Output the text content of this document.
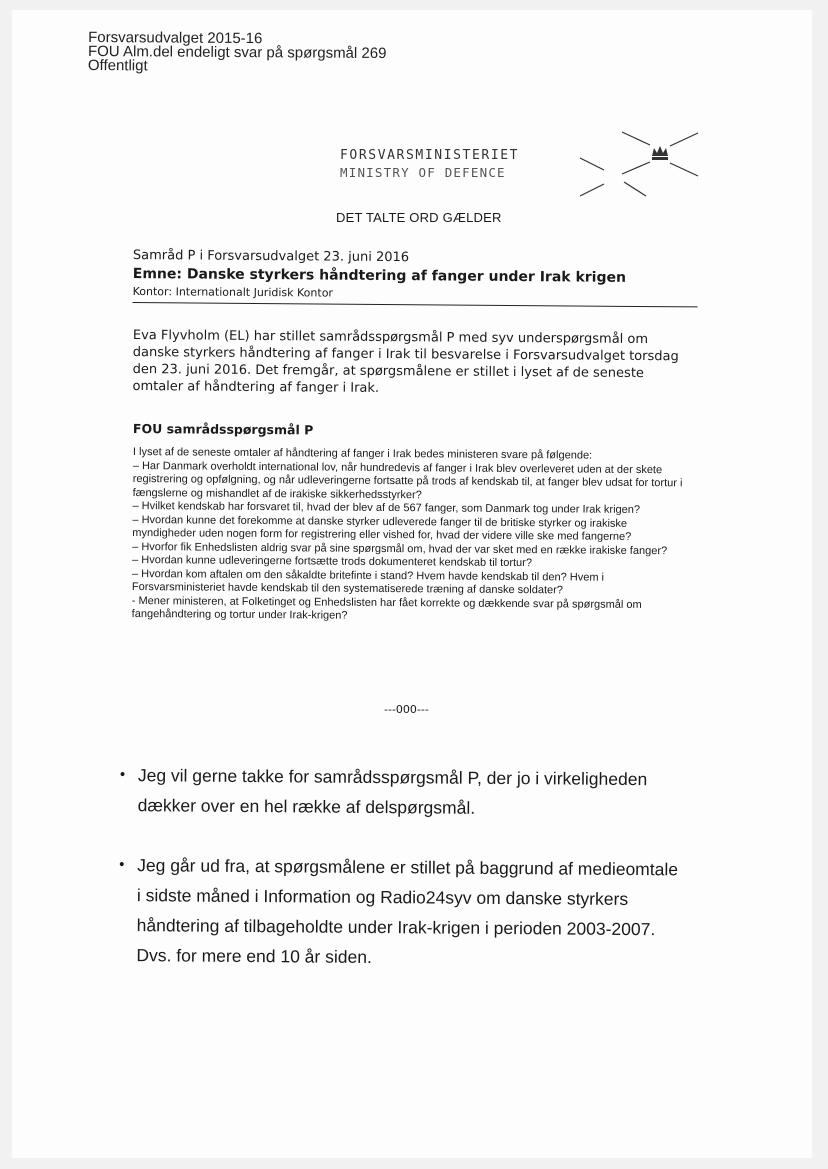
Forsvarsudvalget 2015-16
FOU Alm.del endeligt svar på spørgsmål 269
Offentligt
FORSVARSMINISTERIET
MINISTRY OF DEFENCE
DET TALTE ORD GÆLDER
Samråd P i Forsvarsudvalget 23. juni 2016
Emne: Danske styrkers håndtering af fanger under Irak krigen
Kontor: Internationalt Juridisk Kontor
Eva Flyvholm (EL) har stillet samrådsspørgsmål P med syv underspørgsmål om danske styrkers håndtering af fanger i Irak til besvarelse i Forsvarsudvalget torsdag den 23. juni 2016. Det fremgår, at spørgsmålene er stillet i lyset af de seneste omtaler af håndtering af fanger i Irak.
FOU samrådsspørgsmål P

I lyset af de seneste omtaler af håndtering af fanger i Irak bedes ministeren svare på følgende:

– Har Danmark overholdt international lov, når hundredevis af fanger i Irak blev overleveret uden at der skete registrering og opfølgning, og når udleveringerne fortsatte på trods af kendskab til, at fanger blev udsat for tortur i fængslerne og mishandlet af de irakiske sikkerhedsstyrker?

– Hvilket kendskab har forsvaret til, hvad der blev af de 567 fanger, som Danmark tog under Irak krigen?

– Hvordan kunne det forekomme at danske styrker udleverede fanger til de britiske styrker og irakiske myndigheder uden nogen form for registrering eller vished for, hvad der videre ville ske med fangerne?

– Hvorfor fik Enhedslisten aldrig svar på sine spørgsmål om, hvad der var sket med en række irakiske fanger?

– Hvordan kunne udleveringerne fortsætte trods dokumenteret kendskab til tortur?

– Hvordan kom aftalen om den såkaldte britefinte i stand? Hvem havde kendskab til den? Hvem i Forsvarsministeriet havde kendskab til den systematiserede træning af danske soldater?

- Mener ministeren, at Folketinget og Enhedslisten har fået korrekte og dækkende svar på spørgsmål om fangehåndtering og tortur under Irak-krigen?

---000---
• Jeg vil gerne takke for samrådsspørgsmål P, der jo i virkeligheden dækker over en hel række af delspørgsmål.
• Jeg går ud fra, at spørgsmålene er stillet på baggrund af medieomtale i sidste måned i Information og Radio24syv om danske styrkers håndtering af tilbageholdte under Irak-krigen i perioden 2003-2007. Dvs. for mere end 10 år siden.
